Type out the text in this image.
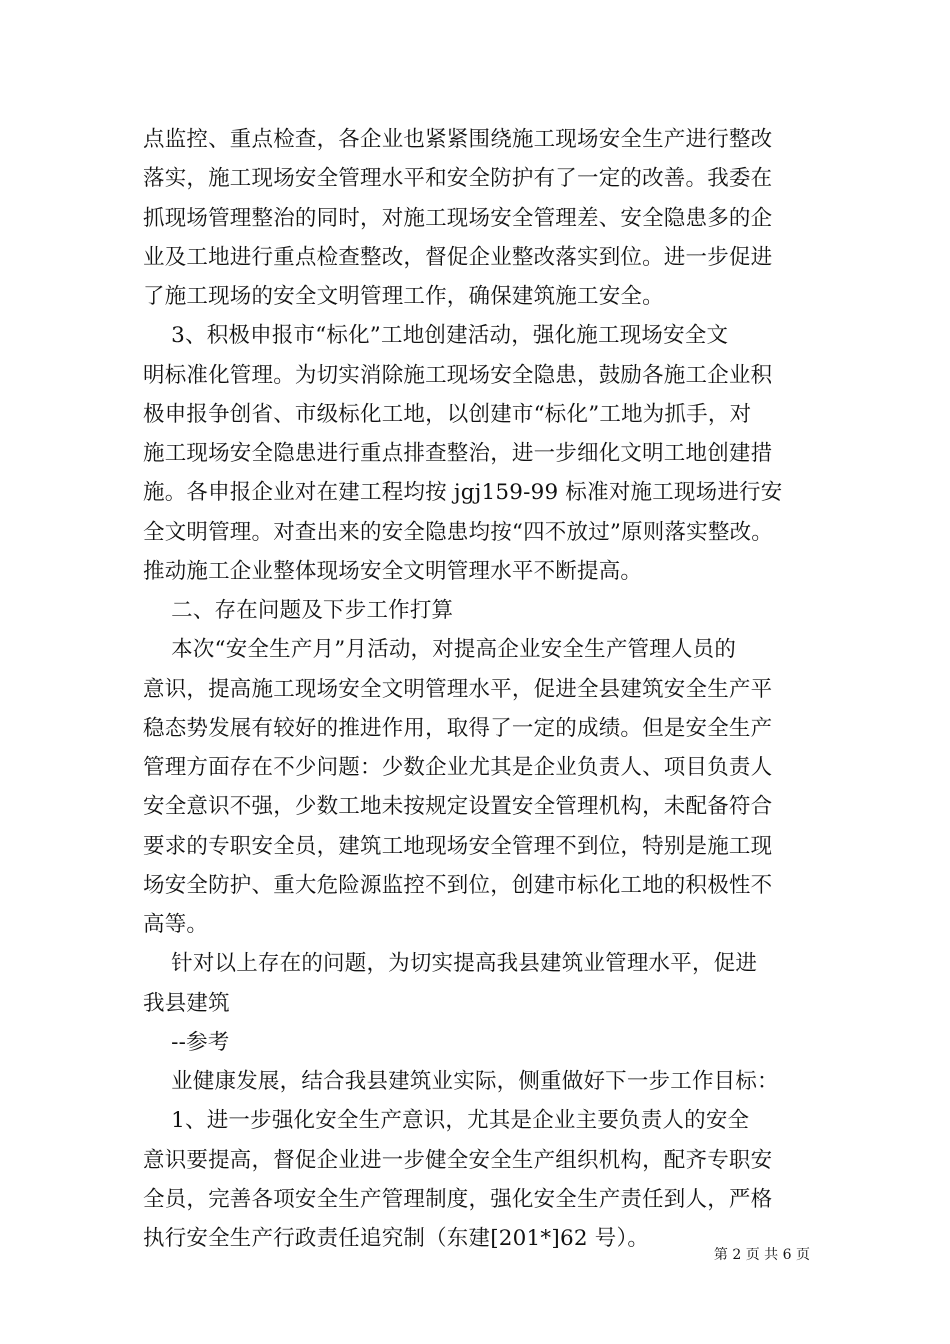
点监控、重点检查，各企业也紧紧围绕施工现场安全生产进行整改
落实，施工现场安全管理水平和安全防护有了一定的改善。我委在
抓现场管理整治的同时，对施工现场安全管理差、安全隐患多的企
业及工地进行重点检查整改，督促企业整改落实到位。进一步促进
了施工现场的安全文明管理工作，确保建筑施工安全。
3、积极申报市“标化”工地创建活动，强化施工现场安全文
明标准化管理。为切实消除施工现场安全隐患，鼓励各施工企业积
极申报争创省、市级标化工地，以创建市“标化”工地为抓手，对
施工现场安全隐患进行重点排查整治，进一步细化文明工地创建措
施。各申报企业对在建工程均按 jgj159-99 标准对施工现场进行安
全文明管理。对查出来的安全隐患均按“四不放过”原则落实整改。
推动施工企业整体现场安全文明管理水平不断提高。
二、存在问题及下步工作打算
本次“安全生产月”月活动，对提高企业安全生产管理人员的
意识，提高施工现场安全文明管理水平，促进全县建筑安全生产平
稳态势发展有较好的推进作用，取得了一定的成绩。但是安全生产
管理方面存在不少问题：少数企业尤其是企业负责人、项目负责人
安全意识不强，少数工地未按规定设置安全管理机构，未配备符合
要求的专职安全员，建筑工地现场安全管理不到位，特别是施工现
场安全防护、重大危险源监控不到位，创建市标化工地的积极性不
高等。
针对以上存在的问题，为切实提高我县建筑业管理水平，促进
我县建筑
--参考
业健康发展，结合我县建筑业实际，侧重做好下一步工作目标：
1、进一步强化安全生产意识，尤其是企业主要负责人的安全
意识要提高，督促企业进一步健全安全生产组织机构，配齐专职安
全员，完善各项安全生产管理制度，强化安全生产责任到人，严格
执行安全生产行政责任追究制（东建[201*]62 号）。
第 2 页 共 6 页
